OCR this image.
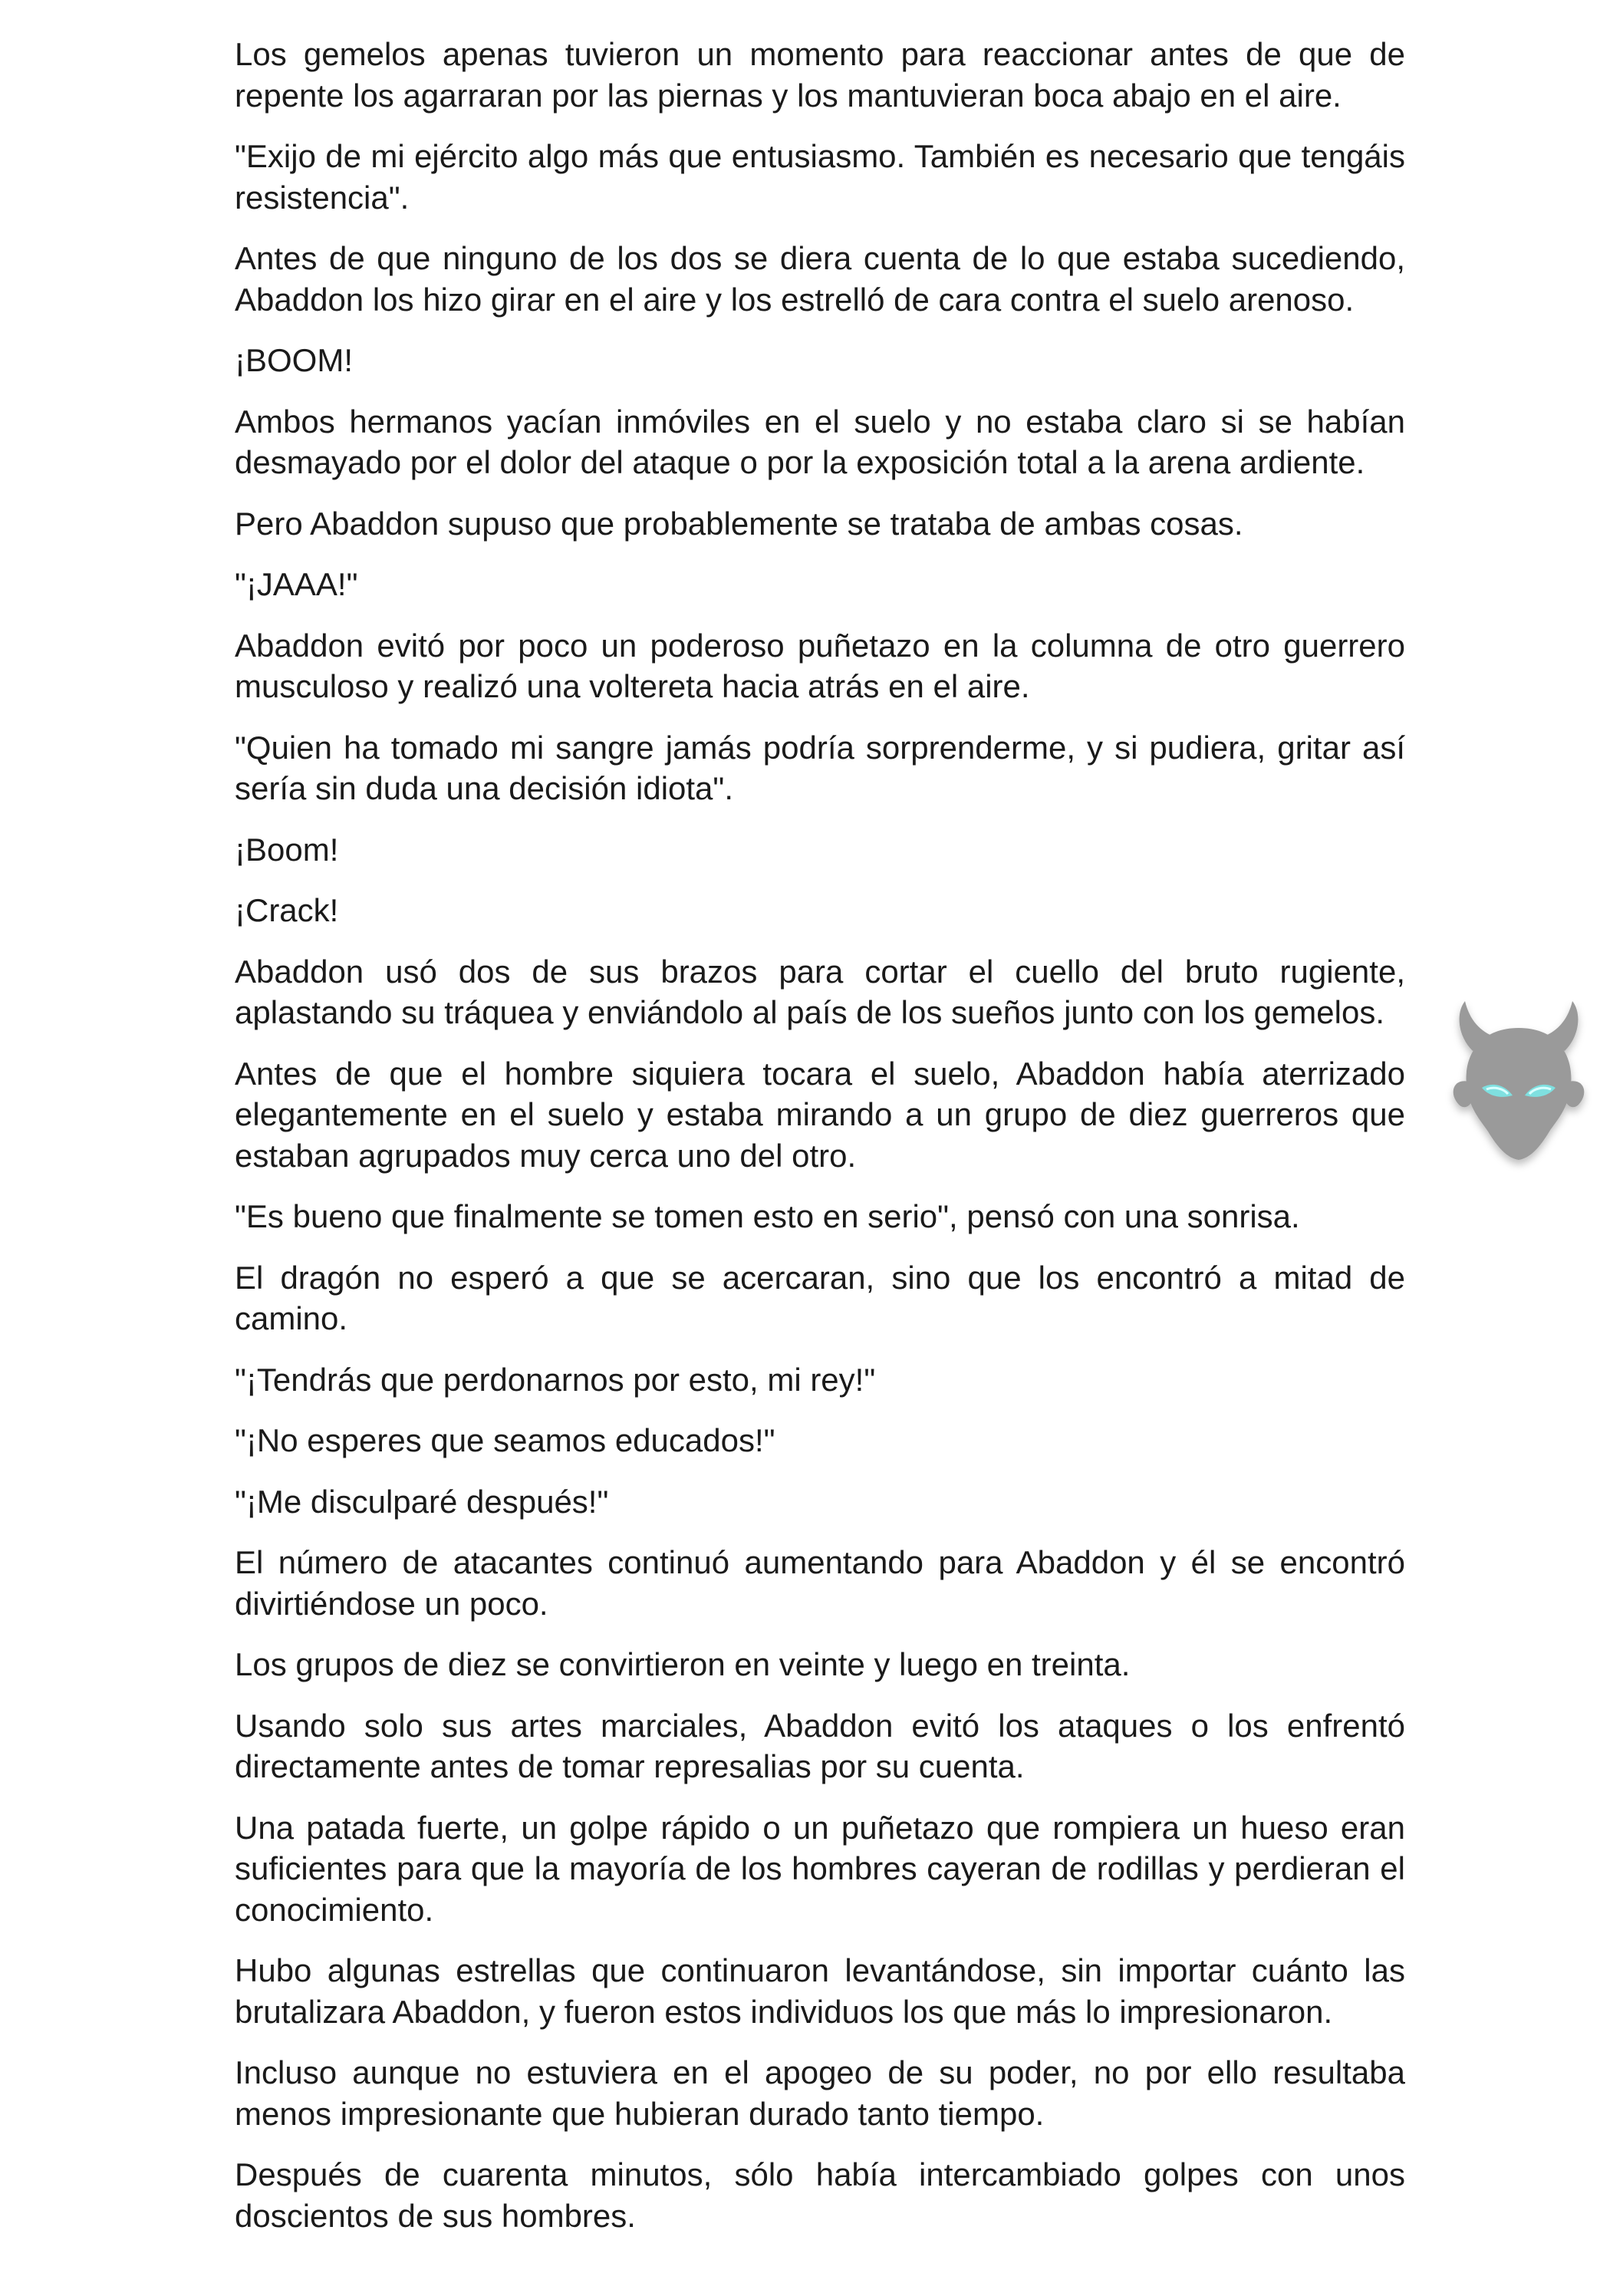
Los gemelos apenas tuvieron un momento para reaccionar antes de que de repente los agarraran por las piernas y los mantuvieran boca abajo en el aire.

"Exijo de mi ejército algo más que entusiasmo. También es necesario que tengáis resistencia".

Antes de que ninguno de los dos se diera cuenta de lo que estaba sucediendo, Abaddon los hizo girar en el aire y los estrelló de cara contra el suelo arenoso.

¡BOOM!

Ambos hermanos yacían inmóviles en el suelo y no estaba claro si se habían desmayado por el dolor del ataque o por la exposición total a la arena ardiente.

Pero Abaddon supuso que probablemente se trataba de ambas cosas.

"¡JAAA!"

Abaddon evitó por poco un poderoso puñetazo en la columna de otro guerrero musculoso y realizó una voltereta hacia atrás en el aire.

"Quien ha tomado mi sangre jamás podría sorprenderme, y si pudiera, gritar así sería sin duda una decisión idiota".

¡Boom!

¡Crack!

Abaddon usó dos de sus brazos para cortar el cuello del bruto rugiente, aplastando su tráquea y enviándolo al país de los sueños junto con los gemelos.

Antes de que el hombre siquiera tocara el suelo, Abaddon había aterrizado elegantemente en el suelo y estaba mirando a un grupo de diez guerreros que estaban agrupados muy cerca uno del otro.

"Es bueno que finalmente se tomen esto en serio", pensó con una sonrisa.

El dragón no esperó a que se acercaran, sino que los encontró a mitad de camino.

"¡Tendrás que perdonarnos por esto, mi rey!"

"¡No esperes que seamos educados!"

"¡Me disculparé después!"

El número de atacantes continuó aumentando para Abaddon y él se encontró divirtiéndose un poco.

Los grupos de diez se convirtieron en veinte y luego en treinta.

Usando solo sus artes marciales, Abaddon evitó los ataques o los enfrentó directamente antes de tomar represalias por su cuenta.

Una patada fuerte, un golpe rápido o un puñetazo que rompiera un hueso eran suficientes para que la mayoría de los hombres cayeran de rodillas y perdieran el conocimiento.

Hubo algunas estrellas que continuaron levantándose, sin importar cuánto las brutalizara Abaddon, y fueron estos individuos los que más lo impresionaron.

Incluso aunque no estuviera en el apogeo de su poder, no por ello resultaba menos impresionante que hubieran durado tanto tiempo.

Después de cuarenta minutos, sólo había intercambiado golpes con unos doscientos de sus hombres.
